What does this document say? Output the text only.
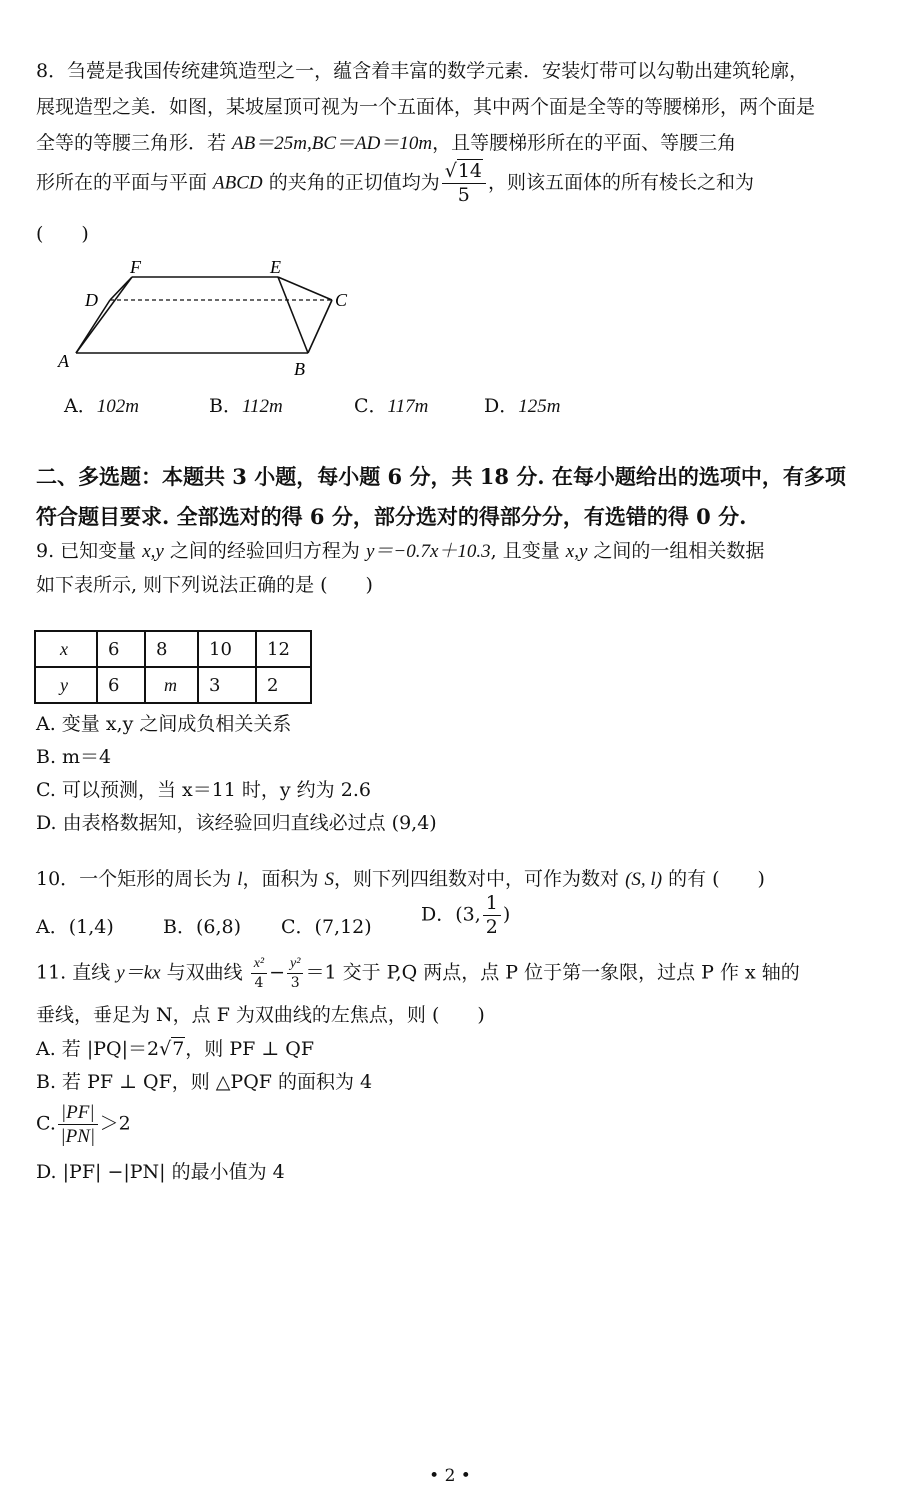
8．刍甍是我国传统建筑造型之一，蕴含着丰富的数学元素．安装灯带可以勾勒出建筑轮廓，
展现造型之美．如图，某坡屋顶可视为一个五面体，其中两个面是全等的等腰梯形，两个面是
全等的等腰三角形．若 AB＝25m,BC＝AD＝10m，且等腰梯形所在的平面、等腰三角
形所在的平面与平面 ABCD 的夹角的正切值均为 $\frac{√14}{5}$ ，则该五面体的所有棱长之和为
(　　)
F	E
D	C
A	B
A．102m	B．112m	C．117m	D．125m
二、多选题：本题共 3 小题，每小题 6 分，共 18 分. 在每小题给出的选项中，有多项
符合题目要求. 全部选对的得 6 分，部分选对的得部分分，有选错的得 0 分.
9. 已知变量 x,y 之间的经验回归方程为 y＝−0.7x＋10.3, 且变量 x,y 之间的一组相关数据
如下表所示, 则下列说法正确的是 (　　)
x	6	8	10	12
y	6	m	3	2
A. 变量 x,y 之间成负相关关系
B. m＝4
C. 可以预测，当 x＝11 时，y 约为 2.6
D. 由表格数据知，该经验回归直线必过点 (9,4)
10．一个矩形的周长为 l，面积为 S，则下列四组数对中，可作为数对 (S, l) 的有 (　　)
A．(1,4)	B．(6,8) C．(7,12)D．(3, $\frac{1}{2}$ )
11. 直线 y＝kx 与双曲线 $\frac{\text{x²}}{4} - \frac{\text{y²}}{3} =1$ 交于 P,Q 两点，点 P 位于第一象限，过点 P 作 x 轴的
垂线，垂足为 N，点 F 为双曲线的左焦点，则 (　　)
A. 若 |PQ|＝2√7，则 PF ⊥ QF
B. 若 PF ⊥ QF，则 △PQF 的面积为 4
C. $\frac{|PF|}{|PN|} >2$
D. |PF| −|PN| 的最小值为 4
• 2 •
